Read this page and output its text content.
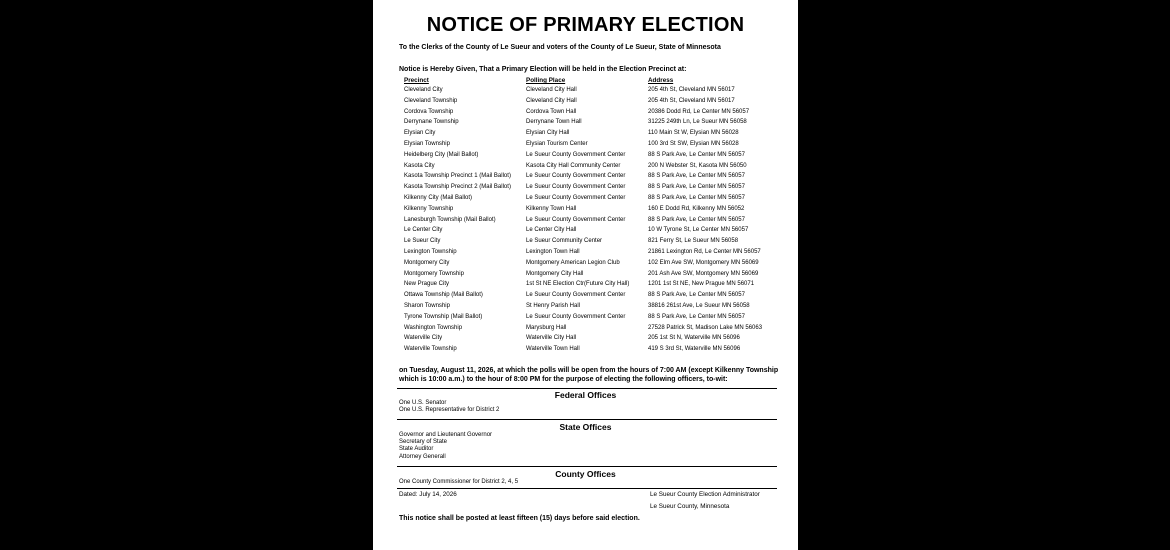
NOTICE OF PRIMARY ELECTION
To the Clerks of the County of Le Sueur and voters of the County of Le Sueur, State of Minnesota
Notice is Hereby Given, That a Primary Election will be held in the Election Precinct at:
Precinct	Polling Place	Address
Cleveland City	Cleveland City Hall	205 4th St, Cleveland MN 56017
Cleveland Township	Cleveland City Hall	205 4th St, Cleveland MN 56017
Cordova Township	Cordova Town Hall	20386 Dodd Rd, Le Center MN 56057
Derrynane Township	Derrynane Town Hall	31225 249th Ln, Le Sueur MN 56058
Elysian City	Elysian City Hall	110 Main St W, Elysian MN 56028
Elysian Township	Elysian Tourism Center	100 3rd St SW, Elysian MN 56028
Heidelberg City (Mail Ballot)	Le Sueur County Government Center	88 S Park Ave, Le Center MN 56057
Kasota City	Kasota City Hall Community Center	200 N Webster St, Kasota MN 56050
Kasota Township Precinct 1 (Mail Ballot)	Le Sueur County Government Center	88 S Park Ave, Le Center MN 56057
Kasota Township Precinct 2 (Mail Ballot)	Le Sueur County Government Center	88 S Park Ave, Le Center MN 56057
Kilkenny City (Mail Ballot)	Le Sueur County Government Center	88 S Park Ave, Le Center MN 56057
Kilkenny Township	Kilkenny Town Hall	160 E Dodd Rd, Kilkenny MN 56052
Lanesburgh Township (Mail Ballot)	Le Sueur County Government Center	88 S Park Ave, Le Center MN 56057
Le Center City	Le Center City Hall	10 W Tyrone St, Le Center MN 56057
Le Sueur City	Le Sueur Community Center	821 Ferry St, Le Sueur MN 56058
Lexington Township	Lexington Town Hall	21861 Lexington Rd, Le Center MN 56057
Montgomery City	Montgomery American Legion Club	102 Elm Ave SW, Montgomery MN 56069
Montgomery Township	Montgomery City Hall	201 Ash Ave SW, Montgomery MN 56069
New Prague City	1st St NE Election Ctr(Future City Hall)	1201 1st St NE, New Prague MN 56071
Ottawa Township (Mail Ballot)	Le Sueur County Government Center	88 S Park Ave, Le Center MN 56057
Sharon Township	St Henry Parish Hall	38816 261st Ave, Le Sueur MN 56058
Tyrone Township (Mail Ballot)	Le Sueur County Government Center	88 S Park Ave, Le Center MN 56057
Washington Township	Marysburg Hall	27528 Patrick St, Madison Lake MN 56063
Waterville City	Waterville City Hall	205 1st St N, Waterville MN 56096
Waterville Township	Waterville Town Hall	419 S 3rd St, Waterville MN 56096
on Tuesday, August 11, 2026, at which the polls will be open from the hours of 7:00 AM (except Kilkenny Township which is 10:00 a.m.) to the hour of 8:00 PM for the purpose of electing the following officers, to-wit:
Federal Offices
One U.S. Senator
One U.S. Representative for District 2
State Offices
Governor and Lieutenant Governor
Secretary of State
State Auditor
Attorney Generall
County Offices
One County Commissioner for District 2, 4, 5
Dated: July 14, 2026	Le Sueur County Election Administrator
Le Sueur County, Minnesota
This notice shall be posted at least fifteen (15) days before said election.
